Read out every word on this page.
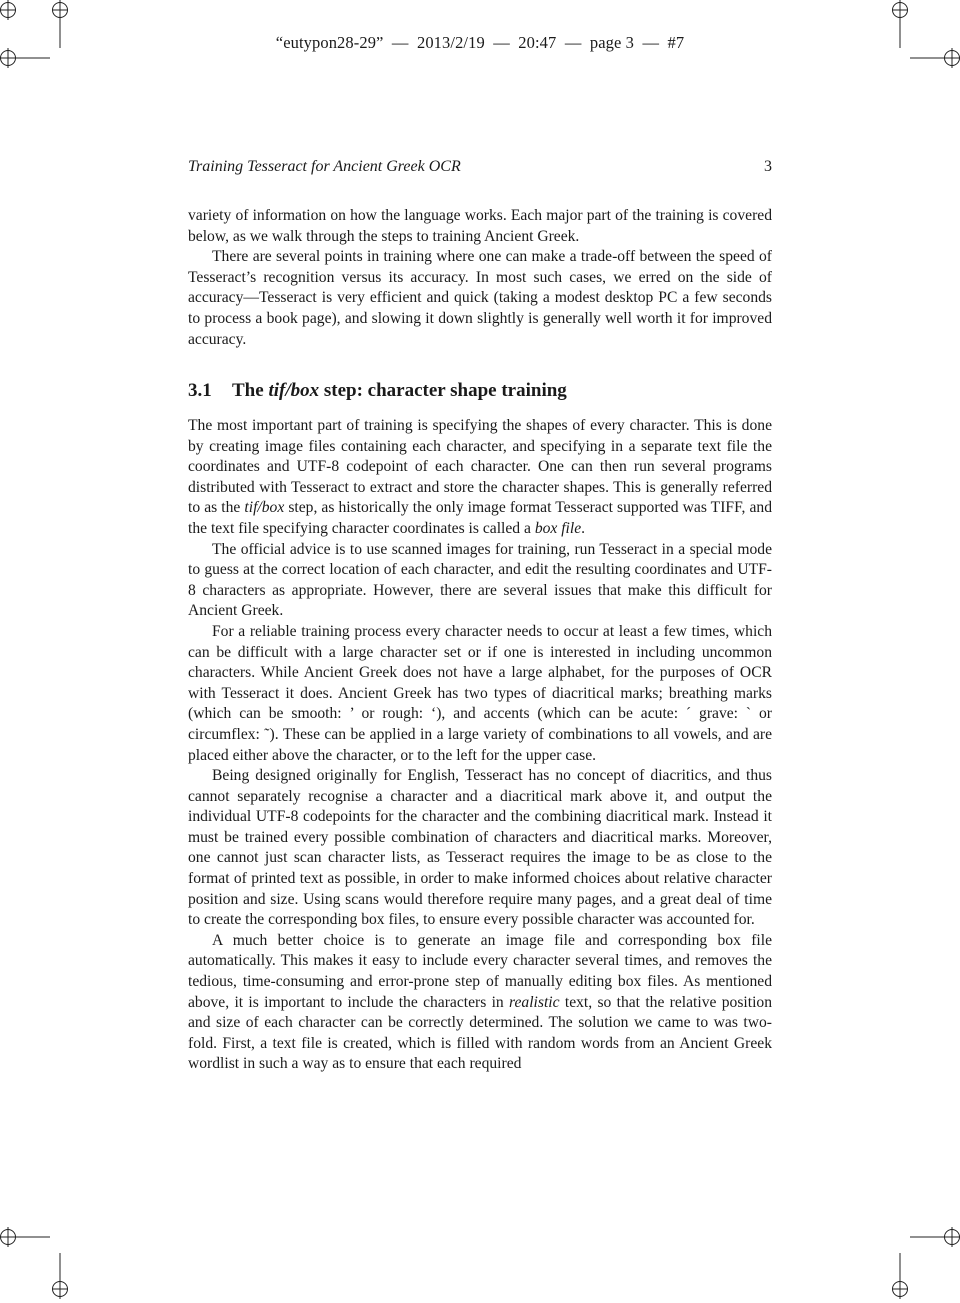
“eutypon28-29”  —  2013/2/19  —  20:47  —  page 3  —  #7
Training Tesseract for Ancient Greek OCR	3

variety of information on how the language works. Each major part of the training is covered below, as we walk through the steps to training Ancient Greek.

There are several points in training where one can make a trade-off between the speed of Tesseract’s recognition versus its accuracy. In most such cases, we erred on the side of accuracy—Tesseract is very efficient and quick (taking a modest desktop PC a few seconds to process a book page), and slowing it down slightly is generally well worth it for improved accuracy.

3.1 The tif/box step: character shape training

The most important part of training is specifying the shapes of every character. This is done by creating image files containing each character, and specifying in a separate text file the coordinates and UTF-8 codepoint of each character. One can then run several programs distributed with Tesseract to extract and store the character shapes. This is generally referred to as the tif/box step, as historically the only image format Tesseract supported was TIFF, and the text file specifying character coordinates is called a box file.

The official advice is to use scanned images for training, run Tesseract in a special mode to guess at the correct location of each character, and edit the resulting coordinates and UTF-8 characters as appropriate. However, there are several issues that make this difficult for Ancient Greek.

For a reliable training process every character needs to occur at least a few times, which can be difficult with a large character set or if one is interested in including uncommon characters. While Ancient Greek does not have a large alphabet, for the purposes of OCR with Tesseract it does. Ancient Greek has two types of diacritical marks; breathing marks (which can be smooth: ’ or rough: ‘), and accents (which can be acute: ´ grave: ` or circumflex: ˜). These can be applied in a large variety of combinations to all vowels, and are placed either above the character, or to the left for the upper case.

Being designed originally for English, Tesseract has no concept of diacritics, and thus cannot separately recognise a character and a diacritical mark above it, and output the individual UTF-8 codepoints for the character and the combining diacritical mark. Instead it must be trained every possible combination of characters and diacritical marks. Moreover, one cannot just scan character lists, as Tesseract requires the image to be as close to the format of printed text as possible, in order to make informed choices about relative character position and size. Using scans would therefore require many pages, and a great deal of time to create the corresponding box files, to ensure every possible character was accounted for.

A much better choice is to generate an image file and corresponding box file automatically. This makes it easy to include every character several times, and removes the tedious, time-consuming and error-prone step of manually editing box files. As mentioned above, it is important to include the characters in realistic text, so that the relative position and size of each character can be correctly determined. The solution we came to was two-fold. First, a text file is created, which is filled with random words from an Ancient Greek wordlist in such a way as to ensure that each required
